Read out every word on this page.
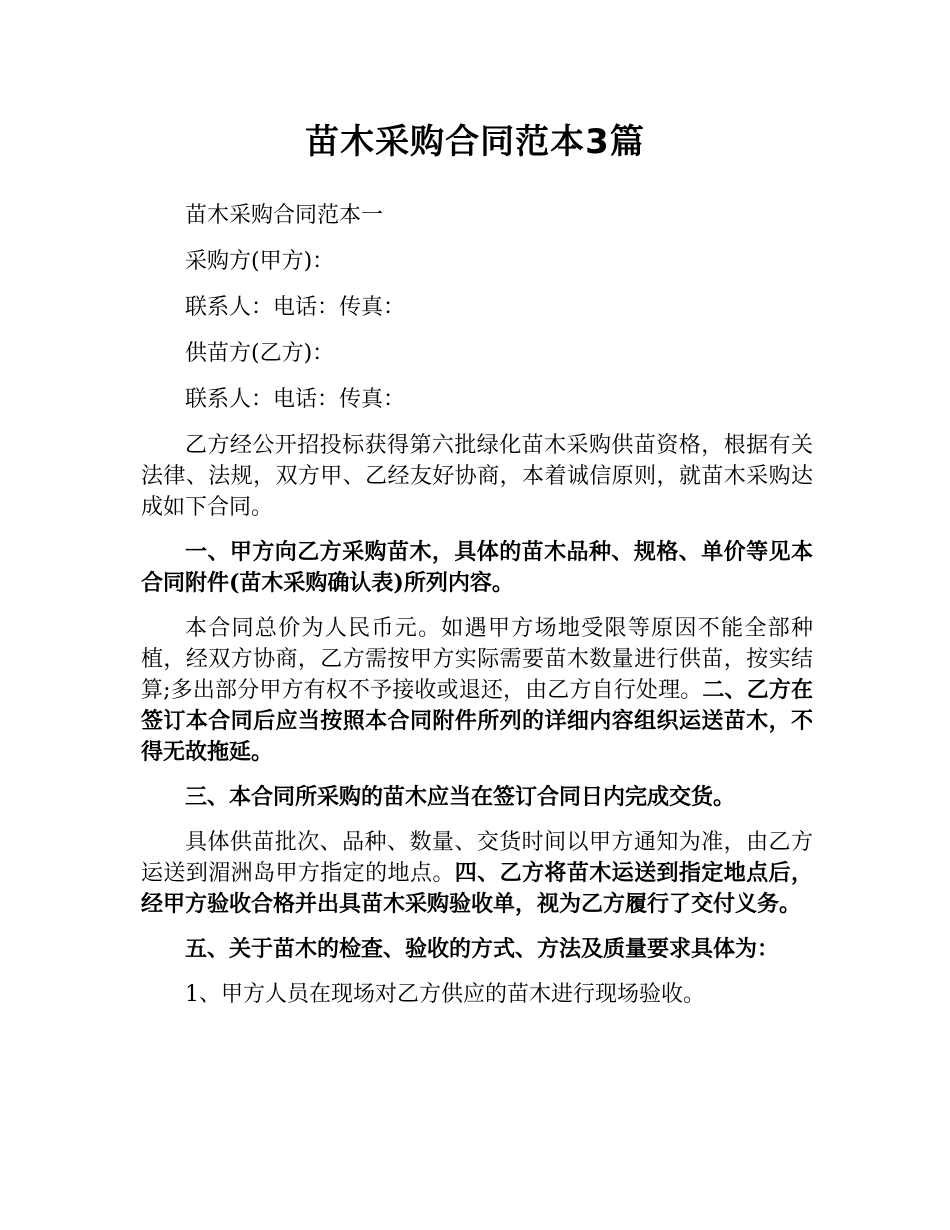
苗木采购合同范本3篇

苗木采购合同范本一

采购方(甲方)：

联系人：电话：传真：

供苗方(乙方)：

联系人：电话：传真：

乙方经公开招投标获得第六批绿化苗木采购供苗资格，根据有关法律、法规，双方甲、乙经友好协商，本着诚信原则，就苗木采购达成如下合同。

一、甲方向乙方采购苗木，具体的苗木品种、规格、单价等见本合同附件(苗木采购确认表)所列内容。

本合同总价为人民币元。如遇甲方场地受限等原因不能全部种植，经双方协商，乙方需按甲方实际需要苗木数量进行供苗，按实结算;多出部分甲方有权不予接收或退还，由乙方自行处理。二、乙方在签订本合同后应当按照本合同附件所列的详细内容组织运送苗木，不得无故拖延。

三、本合同所采购的苗木应当在签订合同日内完成交货。

具体供苗批次、品种、数量、交货时间以甲方通知为准，由乙方运送到湄洲岛甲方指定的地点。四、乙方将苗木运送到指定地点后，经甲方验收合格并出具苗木采购验收单，视为乙方履行了交付义务。

五、关于苗木的检查、验收的方式、方法及质量要求具体为：

1、甲方人员在现场对乙方供应的苗木进行现场验收。
